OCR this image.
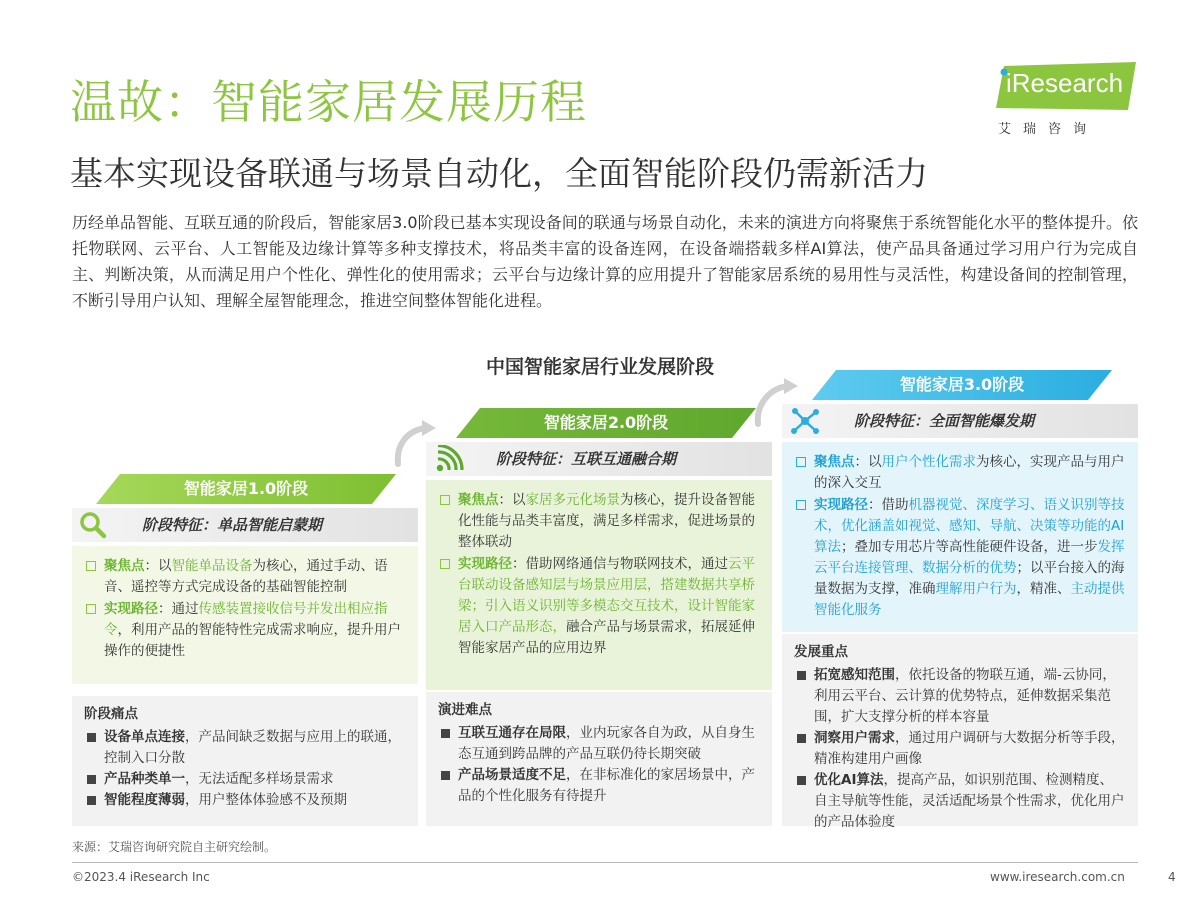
温故：智能家居发展历程
基本实现设备联通与场景自动化，全面智能阶段仍需新活力
iResearch
艾瑞咨询
历经单品智能、互联互通的阶段后，智能家居3.0阶段已基本实现设备间的联通与场景自动化，未来的演进方向将聚焦于系统智能化水平的整体提升。依托物联网、云平台、人工智能及边缘计算等多种支撑技术，将品类丰富的设备连网，在设备端搭载多样AI算法，使产品具备通过学习用户行为完成自主、判断决策，从而满足用户个性化、弹性化的使用需求；云平台与边缘计算的应用提升了智能家居系统的易用性与灵活性，构建设备间的控制管理，不断引导用户认知、理解全屋智能理念，推进空间整体智能化进程。
中国智能家居行业发展阶段
智能家居1.0阶段
阶段特征：单品智能启蒙期
聚焦点：以智能单品设备为核心，通过手动、语音、遥控等方式完成设备的基础智能控制
实现路径：通过传感装置接收信号并发出相应指令，利用产品的智能特性完成需求响应，提升用户操作的便捷性
阶段痛点
设备单点连接，产品间缺乏数据与应用上的联通，控制入口分散
产品种类单一，无法适配多样场景需求
智能程度薄弱，用户整体体验感不及预期
智能家居2.0阶段
阶段特征：互联互通融合期
聚焦点：以家居多元化场景为核心，提升设备智能化性能与品类丰富度，满足多样需求，促进场景的整体联动
实现路径：借助网络通信与物联网技术，通过云平台联动设备感知层与场景应用层，搭建数据共享桥梁；引入语义识别等多模态交互技术，设计智能家居入口产品形态，融合产品与场景需求，拓展延伸智能家居产品的应用边界
演进难点
互联互通存在局限，业内玩家各自为政，从自身生态互通到跨品牌的产品互联仍待长期突破
产品场景适度不足，在非标准化的家居场景中，产品的个性化服务有待提升
智能家居3.0阶段
阶段特征：全面智能爆发期
聚焦点：以用户个性化需求为核心，实现产品与用户的深入交互
实现路径：借助机器视觉、深度学习、语义识别等技术，优化涵盖如视觉、感知、导航、决策等功能的AI算法；叠加专用芯片等高性能硬件设备，进一步发挥云平台连接管理、数据分析的优势；以平台接入的海量数据为支撑，准确理解用户行为，精准、主动提供智能化服务
发展重点
拓宽感知范围，依托设备的物联互通，端-云协同，利用云平台、云计算的优势特点，延伸数据采集范围，扩大支撑分析的样本容量
洞察用户需求，通过用户调研与大数据分析等手段，精准构建用户画像
优化AI算法，提高产品，如识别范围、检测精度、自主导航等性能，灵活适配场景个性需求，优化用户的产品体验度
来源：艾瑞咨询研究院自主研究绘制。
©2023.4 iResearch Inc	www.iresearch.com.cn	4
